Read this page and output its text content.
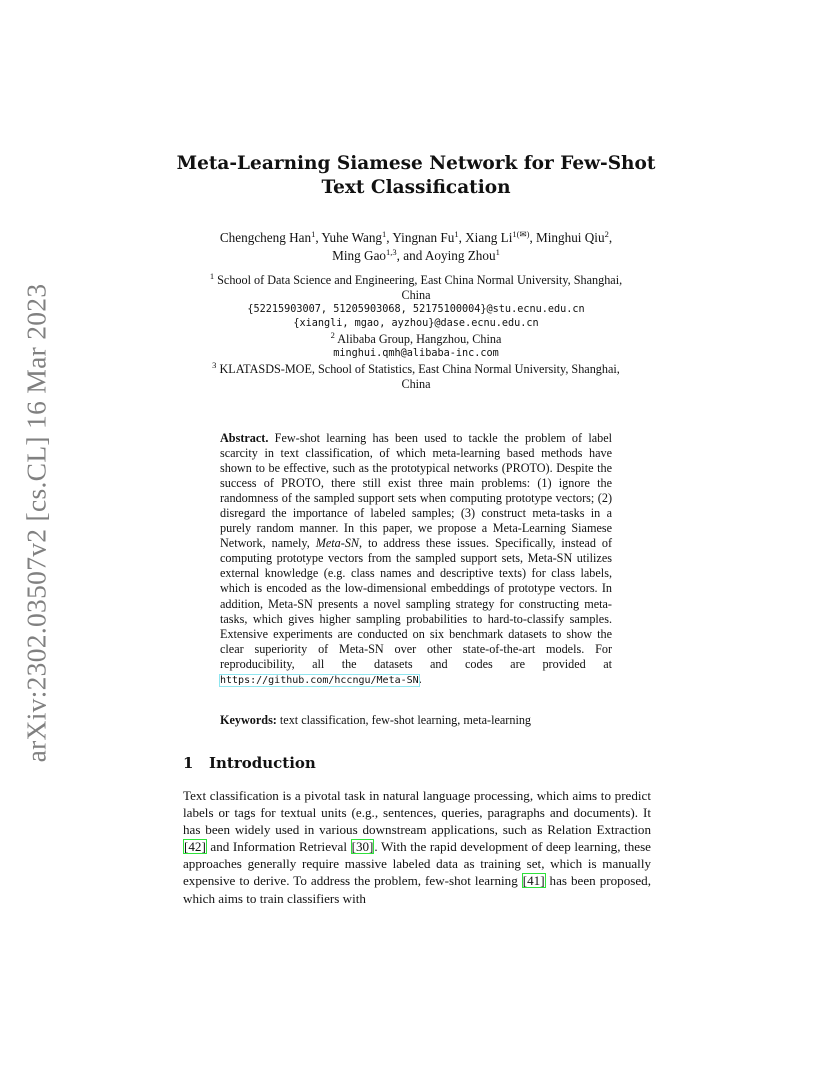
arXiv:2302.03507v2 [cs.CL] 16 Mar 2023
Meta-Learning Siamese Network for Few-Shot
Text Classification
Chengcheng Han$^1$, Yuhe Wang$^1$, Yingnan Fu$^1$, Xiang $Li^{1(✉)}$, Minghui Qiu$^2$,
Ming Gao$^{1,3}$, and Aoying Zhou$^1$
$^1$ School of Data Science and Engineering, East China Normal University, Shanghai,
China
{52215903007, 51205903068, 52175100004}@stu.ecnu.edu.cn
{xiangli, mgao, ayzhou}@dase.ecnu.edu.cn
$^2$ Alibaba Group, Hangzhou, China
minghui.qmh@alibaba-inc.com
$^3$ KLATASDS-MOE, School of Statistics, East China Normal University, Shanghai,
China
Abstract. Few-shot learning has been used to tackle the problem of label scarcity in text classification, of which meta-learning based methods have shown to be effective, such as the prototypical networks (PROTO). Despite the success of PROTO, there still exist three main problems: (1) ignore the randomness of the sampled support sets when computing prototype vectors; (2) disregard the importance of labeled samples; (3) construct meta-tasks in a purely random manner. In this paper, we propose a Meta-Learning Siamese Network, namely, Meta-SN, to address these issues. Specifically, instead of computing prototype vectors from the sampled support sets, Meta-SN utilizes external knowledge (e.g. class names and descriptive texts) for class labels, which is encoded as the low-dimensional embeddings of prototype vectors. In addition, Meta-SN presents a novel sampling strategy for constructing meta-tasks, which gives higher sampling probabilities to hard-to-classify samples. Extensive experiments are conducted on six benchmark datasets to show the clear superiority of Meta-SN over other state-of-the-art models. For reproducibility, all the datasets and codes are provided at https://github.com/hccngu/Meta-SN.
Keywords: text classification, few-shot learning, meta-learning
1 Introduction
Text classification is a pivotal task in natural language processing, which aims to predict labels or tags for textual units (e.g., sentences, queries, paragraphs and documents). It has been widely used in various downstream applications, such as Relation Extraction [42] and Information Retrieval [30]. With the rapid development of deep learning, these approaches generally require massive labeled data as training set, which is manually expensive to derive. To address the problem, few-shot learning [41] has been proposed, which aims to train classifiers with
